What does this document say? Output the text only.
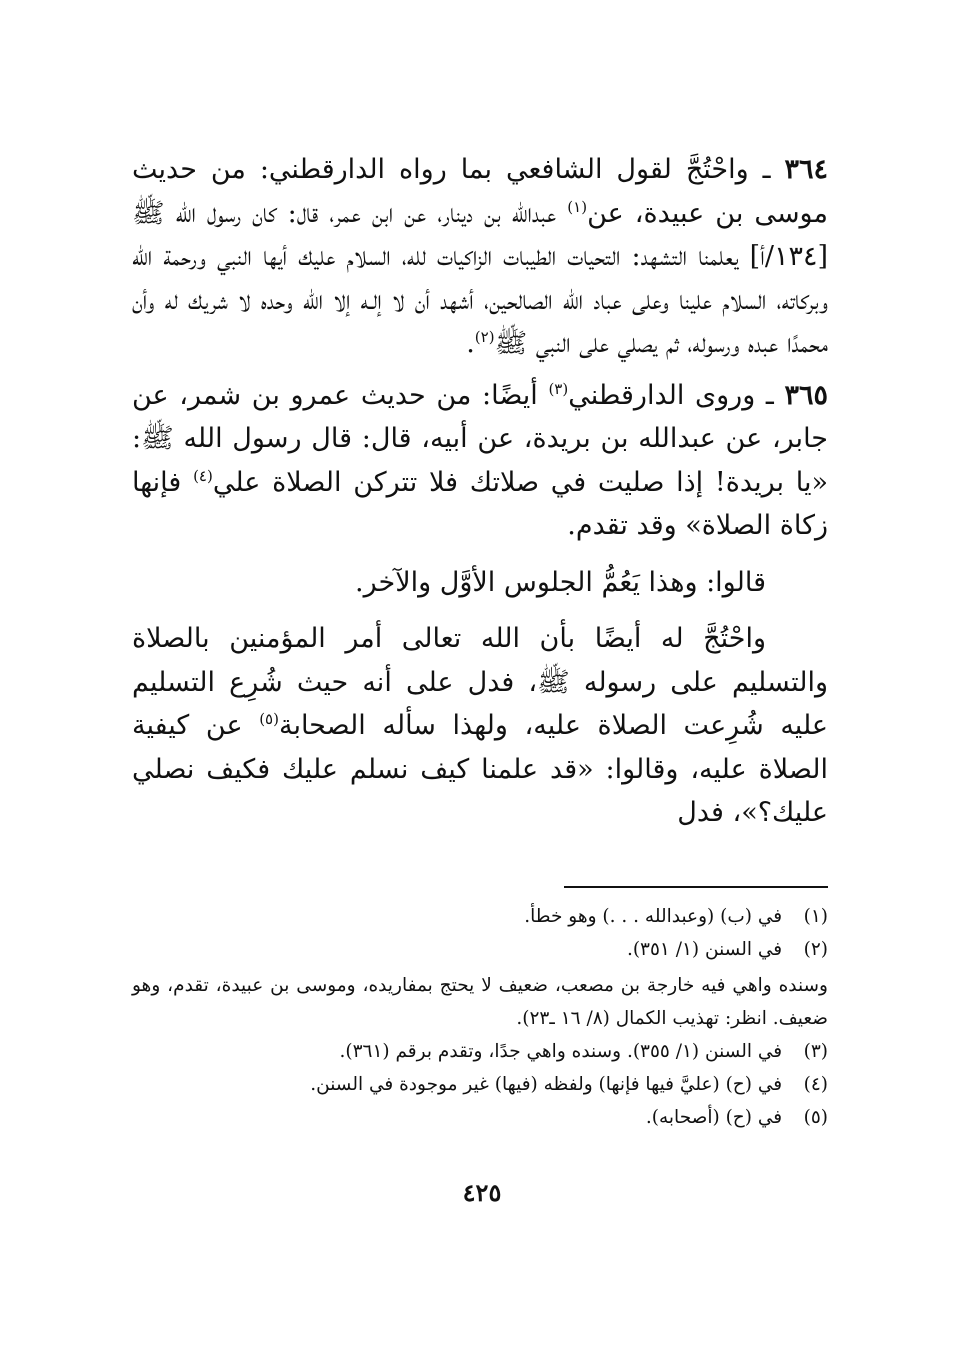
٣٦٤ ـ واحْتُجَّ لقول الشافعي بما رواه الدارقطني: من حديث موسى بن عبيدة، عن$^{(١)}$ عبدالله بن دينار، عن ابن عمر، قال: كان رسول الله ﷺ [١٣٤/أ] يعلمنا التشهد: التحيات الطيبات الزاكيات لله، السلام عليك أيها النبي ورحمة الله وبركاته، السلام علينا وعلى عباد الله الصالحين، أشهد أن لا إلـه إلا الله وحده لا شريك له وأن محمدًا عبده ورسوله، ثم يصلي على النبي ﷺ$^{(٢)}$.

٣٦٥ ـ وروى الدارقطني$^{(٣)}$ أيضًا: من حديث عمرو بن شمر، عن جابر، عن عبدالله بن بريدة، عن أبيه، قال: قال رسول الله ﷺ: «يا بريدة! إذا صليت في صلاتك فلا تتركن الصلاة علي$^{(٤)}$ فإنها زكاة الصلاة» وقد تقدم.

قالوا: وهذا يَعُمُّ الجلوس الأوَّل والآخر.

واحْتُجَّ له أيضًا بأن الله تعالى أمر المؤمنين بالصلاة والتسليم على رسوله ﷺ، فدل على أنه حيث شُرِع التسليم عليه شُرِعت الصلاة عليه، ولهذا سأله الصحابة$^{(٥)}$ عن كيفية الصلاة عليه، وقالوا: «قد علمنا كيف نسلم عليك فكيف نصلي عليك؟»، فدل

(١) في (ب) (وعبدالله . . .) وهو خطأ.

(٢) في السنن (١/ ٣٥١).

وسنده واهي فيه خارجة بن مصعب، ضعيف لا يحتج بمفاريده، وموسى بن عبيدة، تقدم، وهو ضعيف. انظر: تهذيب الكمال (٨/ ١٦ ـ٢٣).

(٣) في السنن (١/ ٣٥٥). وسنده واهي جدًا، وتقدم برقم (٣٦١).

(٤) في (ح) (عليَّ فيها فإنها) ولفظه (فيها) غير موجودة في السنن.

(٥) في (ح) (أصحابه).

٤٢٥
